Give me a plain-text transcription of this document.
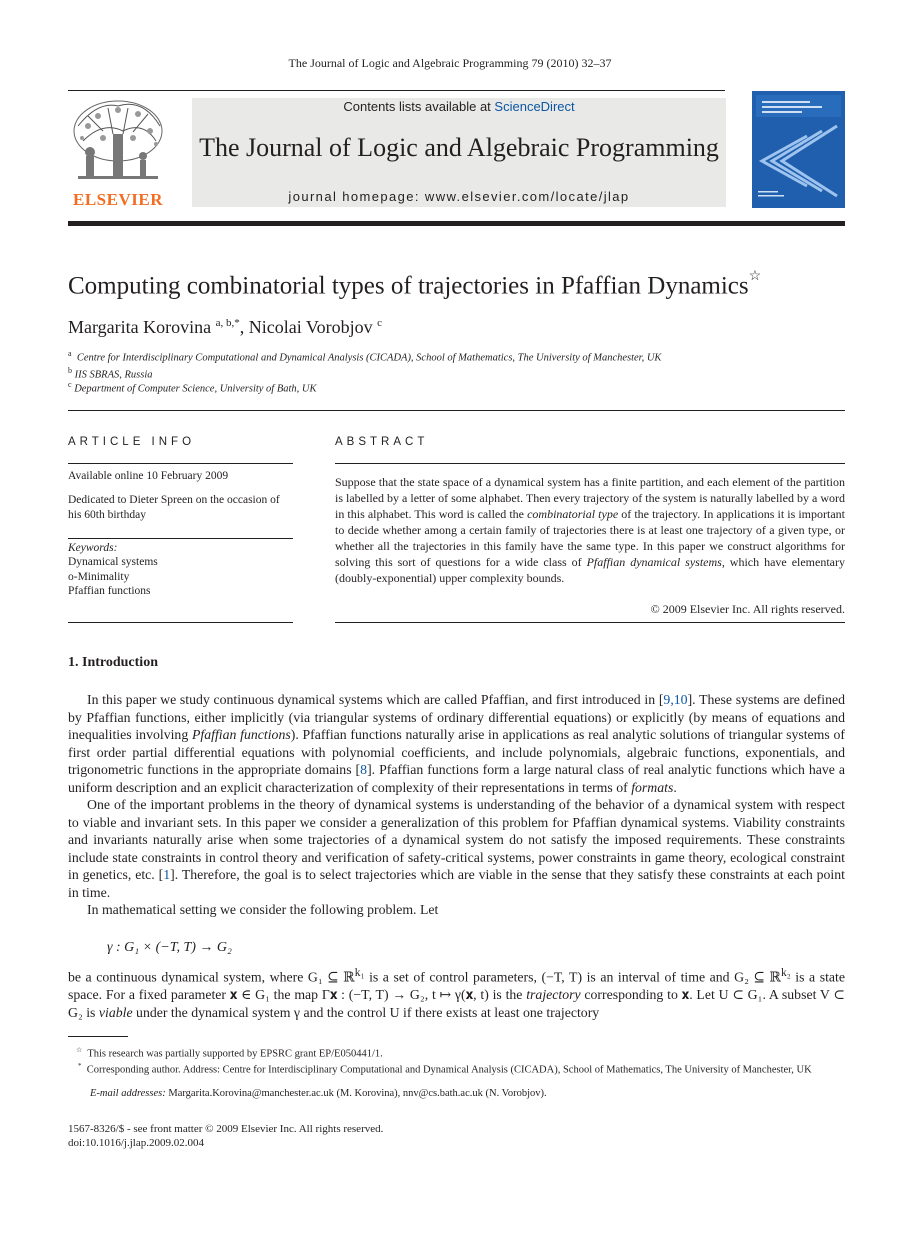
The Journal of Logic and Algebraic Programming 79 (2010) 32–37
Contents lists available at ScienceDirect
The Journal of Logic and Algebraic Programming
journal homepage: www.elsevier.com/locate/jlap
ELSEVIER
Computing combinatorial types of trajectories in Pfaffian Dynamics☆
Margarita Korovina $^{a, b,*}$, Nicolai Vorobjov $^c$
$^a$ Centre for Interdisciplinary Computational and Dynamical Analysis (CICADA), School of Mathematics, The University of Manchester, UK
$^b$ IIS SBRAS, Russia
$^c$ Department of Computer Science, University of Bath, UK
ARTICLE INFO
Available online 10 February 2009
Dedicated to Dieter Spreen on the occasion of his 60th birthday
Keywords:
Dynamical systems
o-Minimality
Pfaffian functions
ABSTRACT
Suppose that the state space of a dynamical system has a finite partition, and each element of the partition is labelled by a letter of some alphabet. Then every trajectory of the system is naturally labelled by a word in this alphabet. This word is called the combinatorial type of the trajectory. In applications it is important to decide whether among a certain family of trajectories there is at least one trajectory of a given type, or whether all the trajectories in this family have the same type. In this paper we construct algorithms for solving this sort of questions for a wide class of Pfaffian dynamical systems, which have elementary (doubly-exponential) upper complexity bounds.
© 2009 Elsevier Inc. All rights reserved.
1. Introduction

In this paper we study continuous dynamical systems which are called Pfaffian, and first introduced in [9,10]. These systems are defined by Pfaffian functions, either implicitly (via triangular systems of ordinary differential equations) or explicitly (by means of equations and inequalities involving Pfaffian functions). Pfaffian functions naturally arise in applications as real analytic solutions of triangular systems of first order partial differential equations with polynomial coefficients, and include polynomials, algebraic functions, exponentials, and trigonometric functions in the appropriate domains [8]. Pfaffian functions form a large natural class of real analytic functions which have a uniform description and an explicit characterization of complexity of their representations in terms of formats.

One of the important problems in the theory of dynamical systems is understanding of the behavior of a dynamical system with respect to viable and invariant sets. In this paper we consider a generalization of this problem for Pfaffian dynamical systems. Viability constraints and invariants naturally arise when some trajectories of a dynamical system do not satisfy the imposed requirements. These constraints include state constraints in control theory and verification of safety-critical systems, power constraints in game theory, ecological constraint in genetics, etc. [1]. Therefore, the goal is to select trajectories which are viable in the sense that they satisfy these constraints at each point in time.

In mathematical setting we consider the following problem. Let

γ : G₁ × (−T, T) → G₂

be a continuous dynamical system, where G₁ ⊆ ℝ$^{k_1}$ is a set of control parameters, (−T, T) is an interval of time and G₂ ⊆ ℝ$^{k_2}$ is a state space. For a fixed parameter 𝐱 ∈ G₁ the map Γ𝐱 : (−T, T) → G₂, t ↦ γ(𝐱, t) is the trajectory corresponding to 𝐱. Let U ⊂ G₁. A subset V ⊂ G₂ is viable under the dynamical system γ and the control U if there exists at least one trajectory

☆ This research was partially supported by EPSRC grant EP/E050441/1.
* Corresponding author. Address: Centre for Interdisciplinary Computational and Dynamical Analysis (CICADA), School of Mathematics, The University of Manchester, UK
E-mail addresses: Margarita.Korovina@manchester.ac.uk (M. Korovina), nnv@cs.bath.ac.uk (N. Vorobjov).
1567-8326/$ - see front matter © 2009 Elsevier Inc. All rights reserved.
doi:10.1016/j.jlap.2009.02.004
